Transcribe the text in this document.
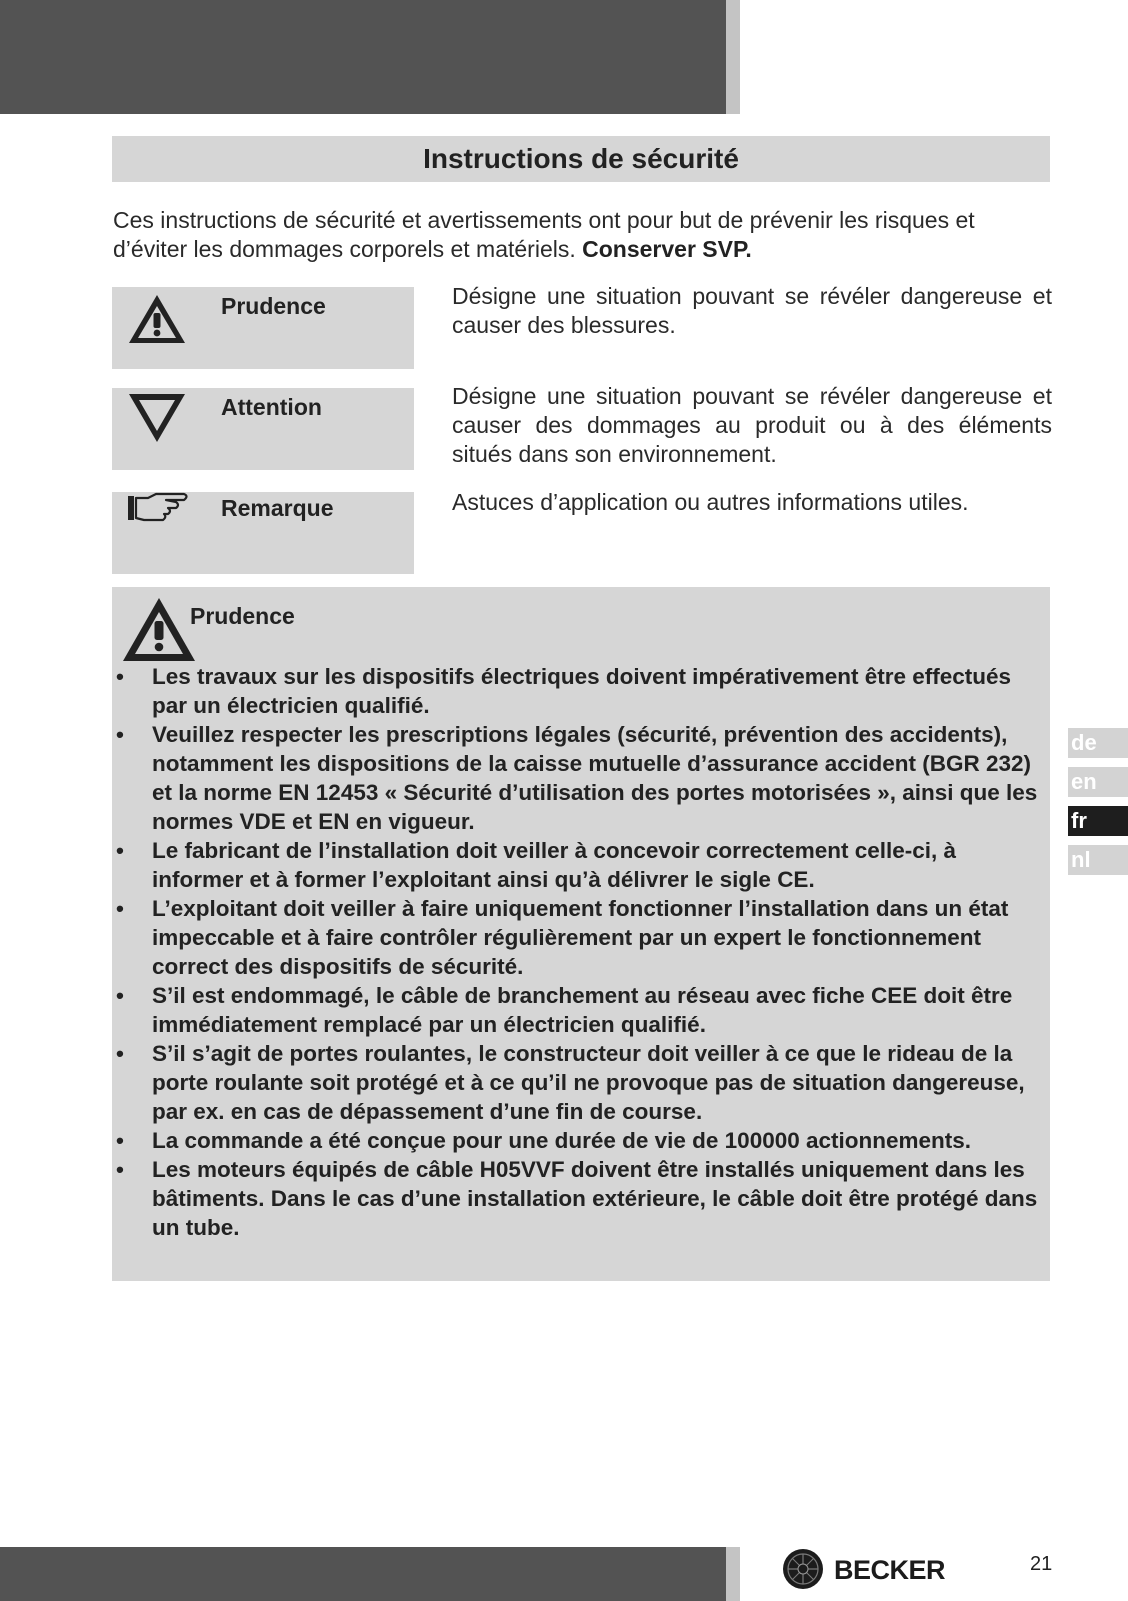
Instructions de sécurité

Ces instructions de sécurité et avertissements ont pour but de prévenir les risques et d’éviter les dommages corporels et matériels. Conserver SVP.

Prudence	Désigne une situation pouvant se révéler dangereuse et causer des blessures.

Attention	Désigne une situation pouvant se révéler dangereuse et causer des dommages au produit ou à des éléments situés dans son environnement.

Remarque	Astuces d’application ou autres informations utiles.

Prudence
• Les travaux sur les dispositifs électriques doivent impérativement être effectués par un électricien qualifié.
• Veuillez respecter les prescriptions légales (sécurité, prévention des accidents), notamment les dispositions de la caisse mutuelle d’assurance accident (BGR 232) et la norme EN 12453 « Sécurité d’utilisation des portes motorisées », ainsi que les normes VDE et EN en vigueur.
• Le fabricant de l’installation doit veiller à concevoir correctement celle-ci, à informer et à former l’exploitant ainsi qu’à délivrer le sigle CE.
• L’exploitant doit veiller à faire uniquement fonctionner l’installation dans un état impeccable et à faire contrôler régulièrement par un expert le fonctionnement correct des dispositifs de sécurité.
• S’il est endommagé, le câble de branchement au réseau avec fiche CEE doit être immédiatement remplacé par un électricien qualifié.
• S’il s’agit de portes roulantes, le constructeur doit veiller à ce que le rideau de la porte roulante soit protégé et à ce qu’il ne provoque pas de situation dangereuse, par ex. en cas de dépassement d’une fin de course.
• La commande a été conçue pour une durée de vie de 100000 actionnements.
• Les moteurs équipés de câble H05VVF doivent être installés uniquement dans les bâtiments. Dans le cas d’une installation extérieure, le câble doit être protégé dans un tube.
de
en
fr
nl
BECKER	21
